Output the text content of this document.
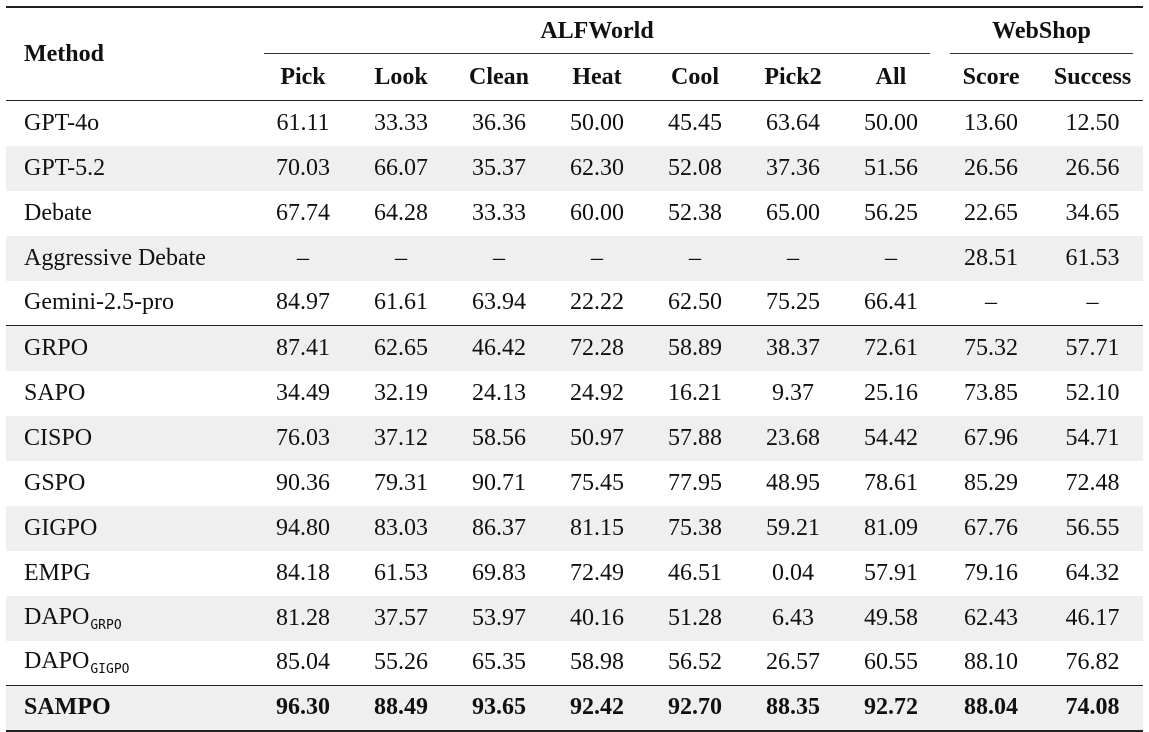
Method	ALFWorld							WebShop	

	Pick	Look	Clean	Heat	Cool	Pick2	All	Score	Success
GPT-4o	61.11	33.33	36.36	50.00	45.45	63.64	50.00	13.60	12.50
GPT-5.2	70.03	66.07	35.37	62.30	52.08	37.36	51.56	26.56	26.56
Debate	67.74	64.28	33.33	60.00	52.38	65.00	56.25	22.65	34.65
Aggressive Debate	–	–	–	–	–	–	–	28.51	61.53
Gemini-2.5-pro	84.97	61.61	63.94	22.22	62.50	75.25	66.41	–	–
GRPO	87.41	62.65	46.42	72.28	58.89	38.37	72.61	75.32	57.71
SAPO	34.49	32.19	24.13	24.92	16.21	9.37	25.16	73.85	52.10
CISPO	76.03	37.12	58.56	50.97	57.88	23.68	54.42	67.96	54.71
GSPO	90.36	79.31	90.71	75.45	77.95	48.95	78.61	85.29	72.48
GIGPO	94.80	83.03	86.37	81.15	75.38	59.21	81.09	67.76	56.55
EMPG	84.18	61.53	69.83	72.49	46.51	0.04	57.91	79.16	64.32
$DAPO_{GRPO}$	81.28	37.57	53.97	40.16	51.28	6.43	49.58	62.43	46.17
$DAPO_{GIGPO}$	85.04	55.26	65.35	58.98	56.52	26.57	60.55	88.10	76.82
SAMPO	96.30	88.49	93.65	92.42	92.70	88.35	92.72	88.04	74.08
